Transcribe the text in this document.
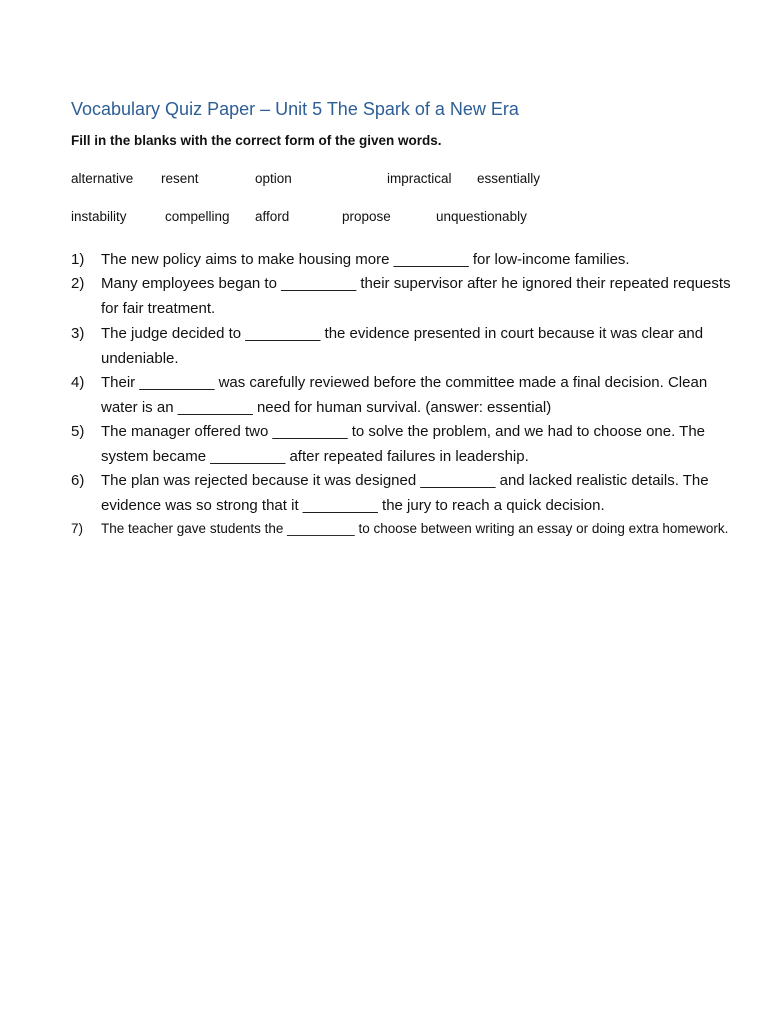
Vocabulary Quiz Paper – Unit 5 The Spark of a New Era
Fill in the blanks with the correct form of the given words.
alternative resent	option	impractical essentially
instability	compelling afford	propose	unquestionably
1) The new policy aims to make housing more _________ for low-income families.
2) Many employees began to _________ their supervisor after he ignored their repeated requests for fair treatment.
3) The judge decided to _________ the evidence presented in court because it was clear and undeniable.
4) Their _________ was carefully reviewed before the committee made a final decision. Clean water is an _________ need for human survival. (answer: essential)
5) The manager offered two _________ to solve the problem, and we had to choose one. The system became _________ after repeated failures in leadership.
6) The plan was rejected because it was designed _________ and lacked realistic details. The evidence was so strong that it _________ the jury to reach a quick decision.
7) The teacher gave students the _________ to choose between writing an essay or doing extra homework.
